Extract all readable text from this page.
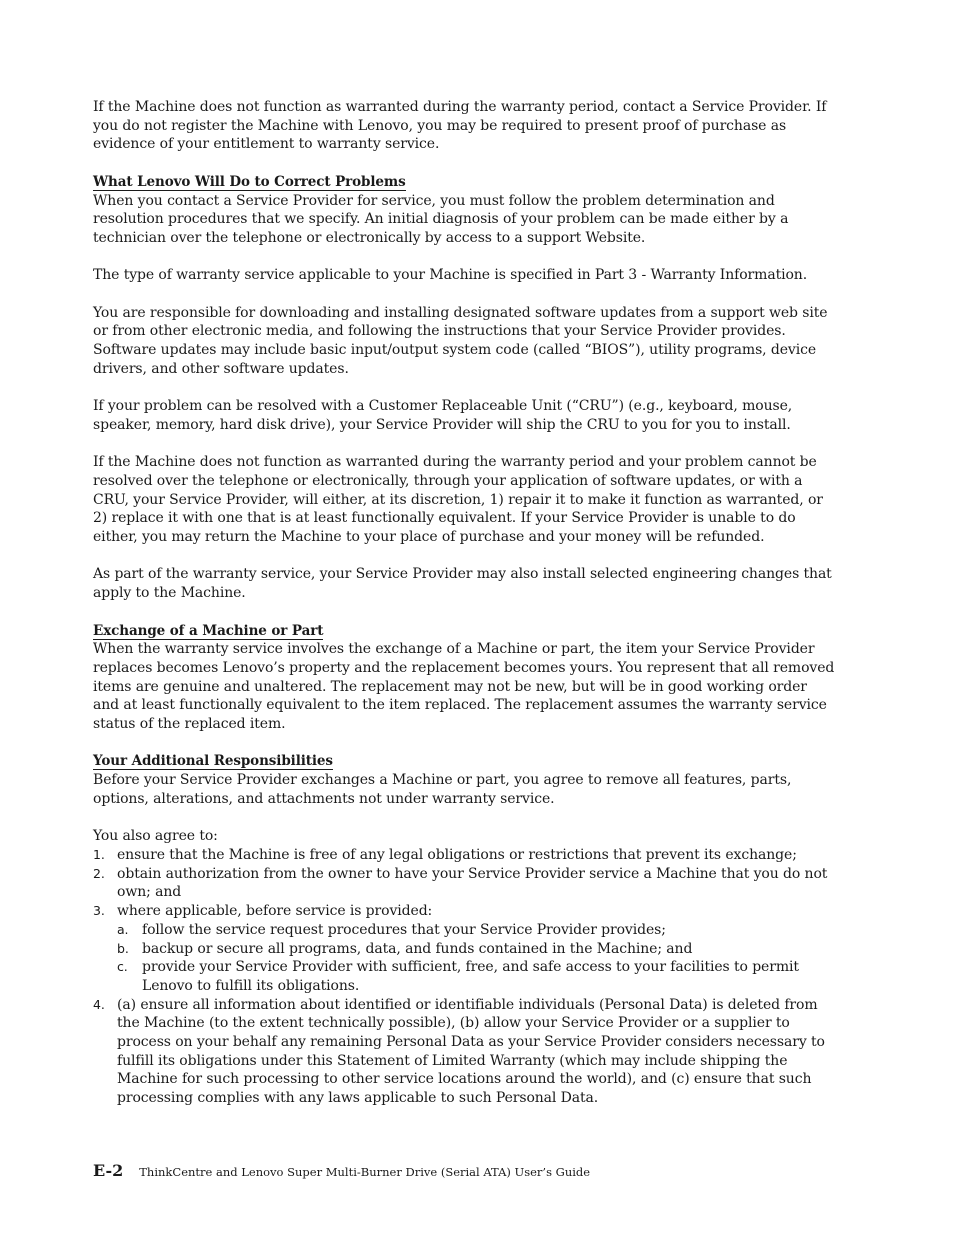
If the Machine does not function as warranted during the warranty period, contact a Service Provider. If you do not register the Machine with Lenovo, you may be required to present proof of purchase as evidence of your entitlement to warranty service.

What Lenovo Will Do to Correct Problems

When you contact a Service Provider for service, you must follow the problem determination and resolution procedures that we specify. An initial diagnosis of your problem can be made either by a technician over the telephone or electronically by access to a support Website.

The type of warranty service applicable to your Machine is specified in Part 3 - Warranty Information.

You are responsible for downloading and installing designated software updates from a support web site or from other electronic media, and following the instructions that your Service Provider provides. Software updates may include basic input/output system code (called “BIOS”), utility programs, device drivers, and other software updates.

If your problem can be resolved with a Customer Replaceable Unit (“CRU”) (e.g., keyboard, mouse, speaker, memory, hard disk drive), your Service Provider will ship the CRU to you for you to install.

If the Machine does not function as warranted during the warranty period and your problem cannot be resolved over the telephone or electronically, through your application of software updates, or with a CRU, your Service Provider, will either, at its discretion, 1) repair it to make it function as warranted, or 2) replace it with one that is at least functionally equivalent. If your Service Provider is unable to do either, you may return the Machine to your place of purchase and your money will be refunded.

As part of the warranty service, your Service Provider may also install selected engineering changes that apply to the Machine.

Exchange of a Machine or Part

When the warranty service involves the exchange of a Machine or part, the item your Service Provider replaces becomes Lenovo’s property and the replacement becomes yours. You represent that all removed items are genuine and unaltered. The replacement may not be new, but will be in good working order and at least functionally equivalent to the item replaced. The replacement assumes the warranty service status of the replaced item.

Your Additional Responsibilities

Before your Service Provider exchanges a Machine or part, you agree to remove all features, parts, options, alterations, and attachments not under warranty service.

You also agree to:
1. ensure that the Machine is free of any legal obligations or restrictions that prevent its exchange;
2. obtain authorization from the owner to have your Service Provider service a Machine that you do not own; and
3. where applicable, before service is provided:
a. follow the service request procedures that your Service Provider provides;
b. backup or secure all programs, data, and funds contained in the Machine; and
c. provide your Service Provider with sufficient, free, and safe access to your facilities to permit Lenovo to fulfill its obligations.
4. (a) ensure all information about identified or identifiable individuals (Personal Data) is deleted from the Machine (to the extent technically possible), (b) allow your Service Provider or a supplier to process on your behalf any remaining Personal Data as your Service Provider considers necessary to fulfill its obligations under this Statement of Limited Warranty (which may include shipping the Machine for such processing to other service locations around the world), and (c) ensure that such processing complies with any laws applicable to such Personal Data.
E-2 ThinkCentre and Lenovo Super Multi-Burner Drive (Serial ATA) User’s Guide
